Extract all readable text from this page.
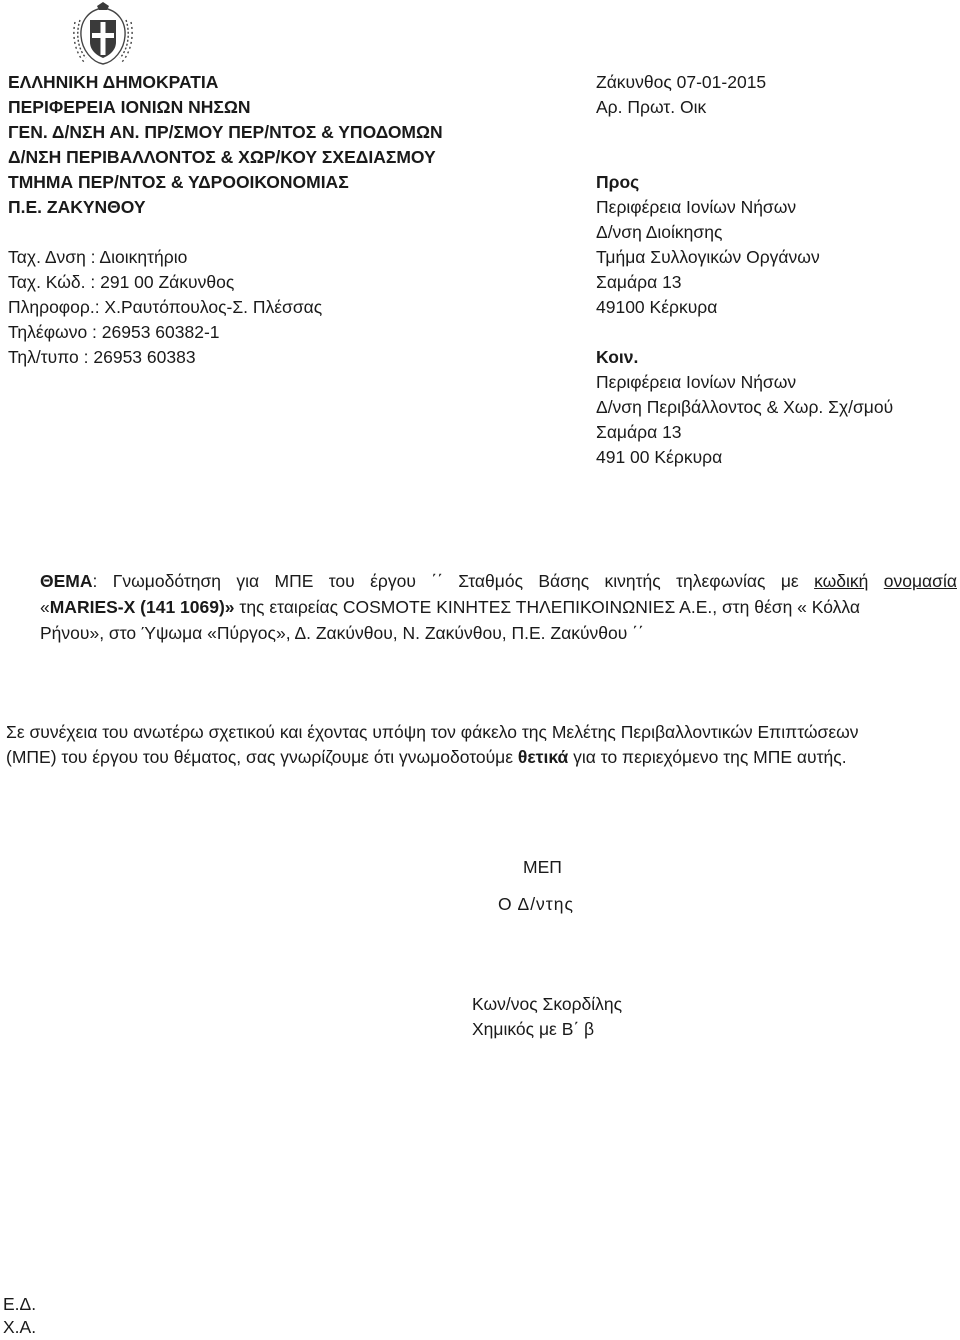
ΕΛΛΗΝΙΚΗ ΔΗΜΟΚΡΑΤΙΑ
ΠΕΡΙΦΕΡΕΙΑ ΙΟΝΙΩΝ ΝΗΣΩΝ
ΓΕΝ. Δ/ΝΣΗ ΑΝ. ΠΡ/ΣΜΟΥ ΠΕΡ/ΝΤΟΣ & ΥΠΟΔΟΜΩΝ
Δ/ΝΣΗ ΠΕΡΙΒΑΛΛΟΝΤΟΣ & ΧΩΡ/ΚΟΥ ΣΧΕΔΙΑΣΜΟΥ
ΤΜΗΜΑ ΠΕΡ/ΝΤΟΣ & ΥΔΡΟΟΙΚΟΝΟΜΙΑΣ
Π.Ε. ΖΑΚΥΝΘΟΥ
Ταχ. Δνση : Διοικητήριο
Ταχ. Κώδ. : 291 00 Ζάκυνθος
Πληροφορ.: Χ.Ραυτόπουλος-Σ. Πλέσσας
Τηλέφωνο : 26953 60382-1
Τηλ/τυπο : 26953 60383
Ζάκυνθος 07-01-2015
Αρ. Πρωτ. Οικ
Προς
Περιφέρεια Ιονίων Νήσων
Δ/νση Διοίκησης
Τμήμα Συλλογικών Οργάνων
Σαμάρα 13
49100 Κέρκυρα
Κοιν.
Περιφέρεια Ιονίων Νήσων
Δ/νση Περιβάλλοντος & Χωρ. Σχ/σμού
Σαμάρα 13
491 00 Κέρκυρα
ΘΕΜΑ: Γνωμοδότηση για ΜΠΕ του έργου ΄΄ Σταθμός Βάσης κινητής τηλεφωνίας με κωδική ονομασία
«MARIES-X (141 1069)» της εταιρείας COSMOTE ΚΙΝΗΤΕΣ ΤΗΛΕΠΙΚΟΙΝΩΝΙΕΣ Α.Ε., στη θέση « Κόλλα
Ρήνου», στο Ύψωμα «Πύργος», Δ. Ζακύνθου, Ν. Ζακύνθου, Π.Ε. Ζακύνθου ΄΄
Σε συνέχεια του ανωτέρω σχετικού και έχοντας υπόψη τον φάκελο της Μελέτης Περιβαλλοντικών Επιπτώσεων
(ΜΠΕ) του έργου του θέματος, σας γνωρίζουμε ότι γνωμοδοτούμε θετικά για το περιεχόμενο της ΜΠΕ αυτής.
ΜΕΠ
Ο Δ/ντης
Κων/νος Σκορδίλης
Χημικός με Β΄ β
Ε.Δ.
Χ.Α.
